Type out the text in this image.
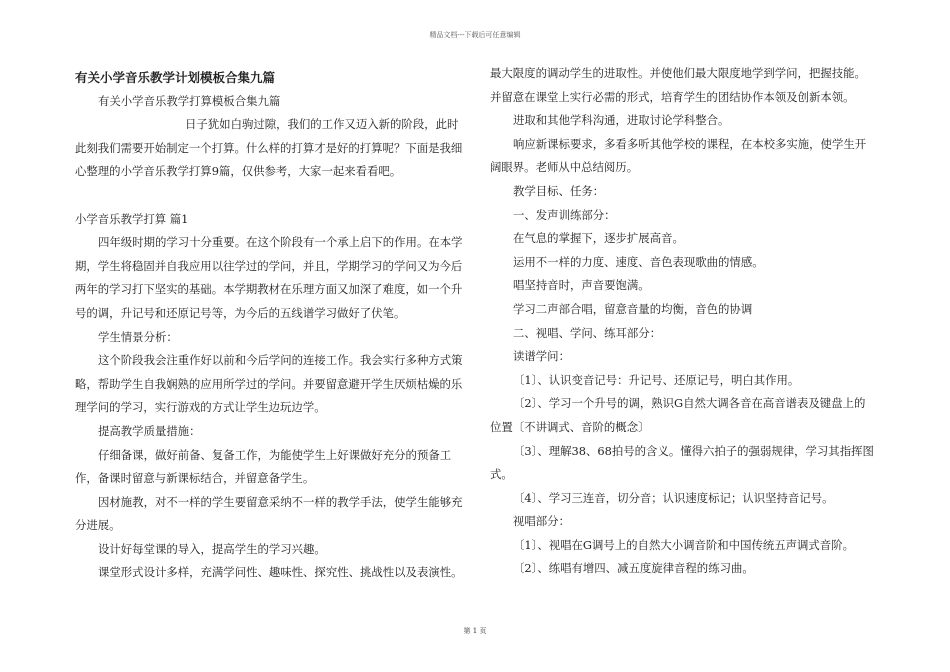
精品文档---下载后可任意编辑

有关小学音乐教学计划模板合集九篇

有关小学音乐教学打算模板合集九篇

日子犹如白驹过隙，我们的工作又迈入新的阶段，此时此刻我们需要开始制定一个打算。什么样的打算才是好的打算呢？下面是我细心整理的小学音乐教学打算9篇，仅供参考，大家一起来看看吧。

小学音乐教学打算 篇1

四年级时期的学习十分重要。在这个阶段有一个承上启下的作用。在本学期，学生将稳固并自我应用以往学过的学问，并且，学期学习的学问又为今后两年的学习打下坚实的基础。本学期教材在乐理方面又加深了难度，如一个升号的调，升记号和还原记号等，为今后的五线谱学习做好了伏笔。

学生情景分析：

这个阶段我会注重作好以前和今后学问的连接工作。我会实行多种方式策略，帮助学生自我娴熟的应用所学过的学问。并要留意避开学生厌烦枯燥的乐理学问的学习，实行游戏的方式让学生边玩边学。

提高教学质量措施：

仔细备课，做好前备、复备工作，为能使学生上好课做好充分的预备工作，备课时留意与新课标结合，并留意备学生。

因材施教，对不一样的学生要留意采纳不一样的教学手法，使学生能够充分进展。

设计好每堂课的导入，提高学生的学习兴趣。

课堂形式设计多样，充满学问性、趣味性、探究性、挑战性以及表演性。

最大限度的调动学生的进取性。并使他们最大限度地学到学问，把握技能。并留意在课堂上实行必需的形式，培育学生的团结协作本领及创新本领。

进取和其他学科沟通，进取讨论学科整合。

响应新课标要求，多看多听其他学校的课程，在本校多实施，使学生开阔眼界。老师从中总结阅历。

教学目标、任务：

一、发声训练部分：

在气息的掌握下，逐步扩展高音。

运用不一样的力度、速度、音色表现歌曲的情感。

唱坚持音时，声音要饱满。

学习二声部合唱，留意音量的均衡，音色的协调

二、视唱、学问、练耳部分：

读谱学问：

〔1〕、认识变音记号：升记号、还原记号，明白其作用。

〔2〕、学习一个升号的调，熟识G自然大调各音在高音谱表及键盘上的位置〔不讲调式、音阶的概念〕

〔3〕、理解38、68拍号的含义。懂得六拍子的强弱规律，学习其指挥图式。

〔4〕、学习三连音，切分音；认识速度标记；认识坚持音记号。

视唱部分：

〔1〕、视唱在G调号上的自然大小调音阶和中国传统五声调式音阶。

〔2〕、练唱有增四、减五度旋律音程的练习曲。

第 1 页
